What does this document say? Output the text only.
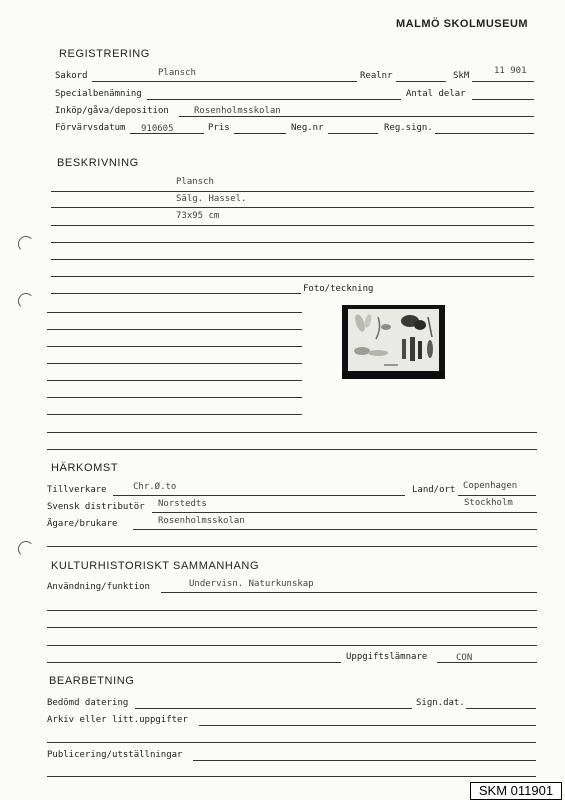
MALMÖ SKOLMUSEUM
REGISTRERING
Sakord	Plansch	Realnr	SkM	11 901
Specialbenämning	Antal delar
Inköp/gåva/deposition	Rosenholmsskolan
Förvärvsdatum 910605	Pris	Neg.nr	Reg.sign.
BESKRIVNING
Plansch
Sälg. Hassel.
73x95 cm
Foto/teckning
HÄRKOMST
Tillverkare	Chr.Ø.to	Land/ort Copenhagen
Svensk distributör Norstedts	Stockholm
Ägare/brukare	Rosenholmsskolan
KULTURHISTORISKT SAMMANHANG
Användning/funktion	Undervisn. Naturkunskap
Uppgiftslämnare	CON
BEARBETNING
Bedömd datering	Sign.dat.
Arkiv eller litt.uppgifter
Publicering/utställningar
SKM 011901
